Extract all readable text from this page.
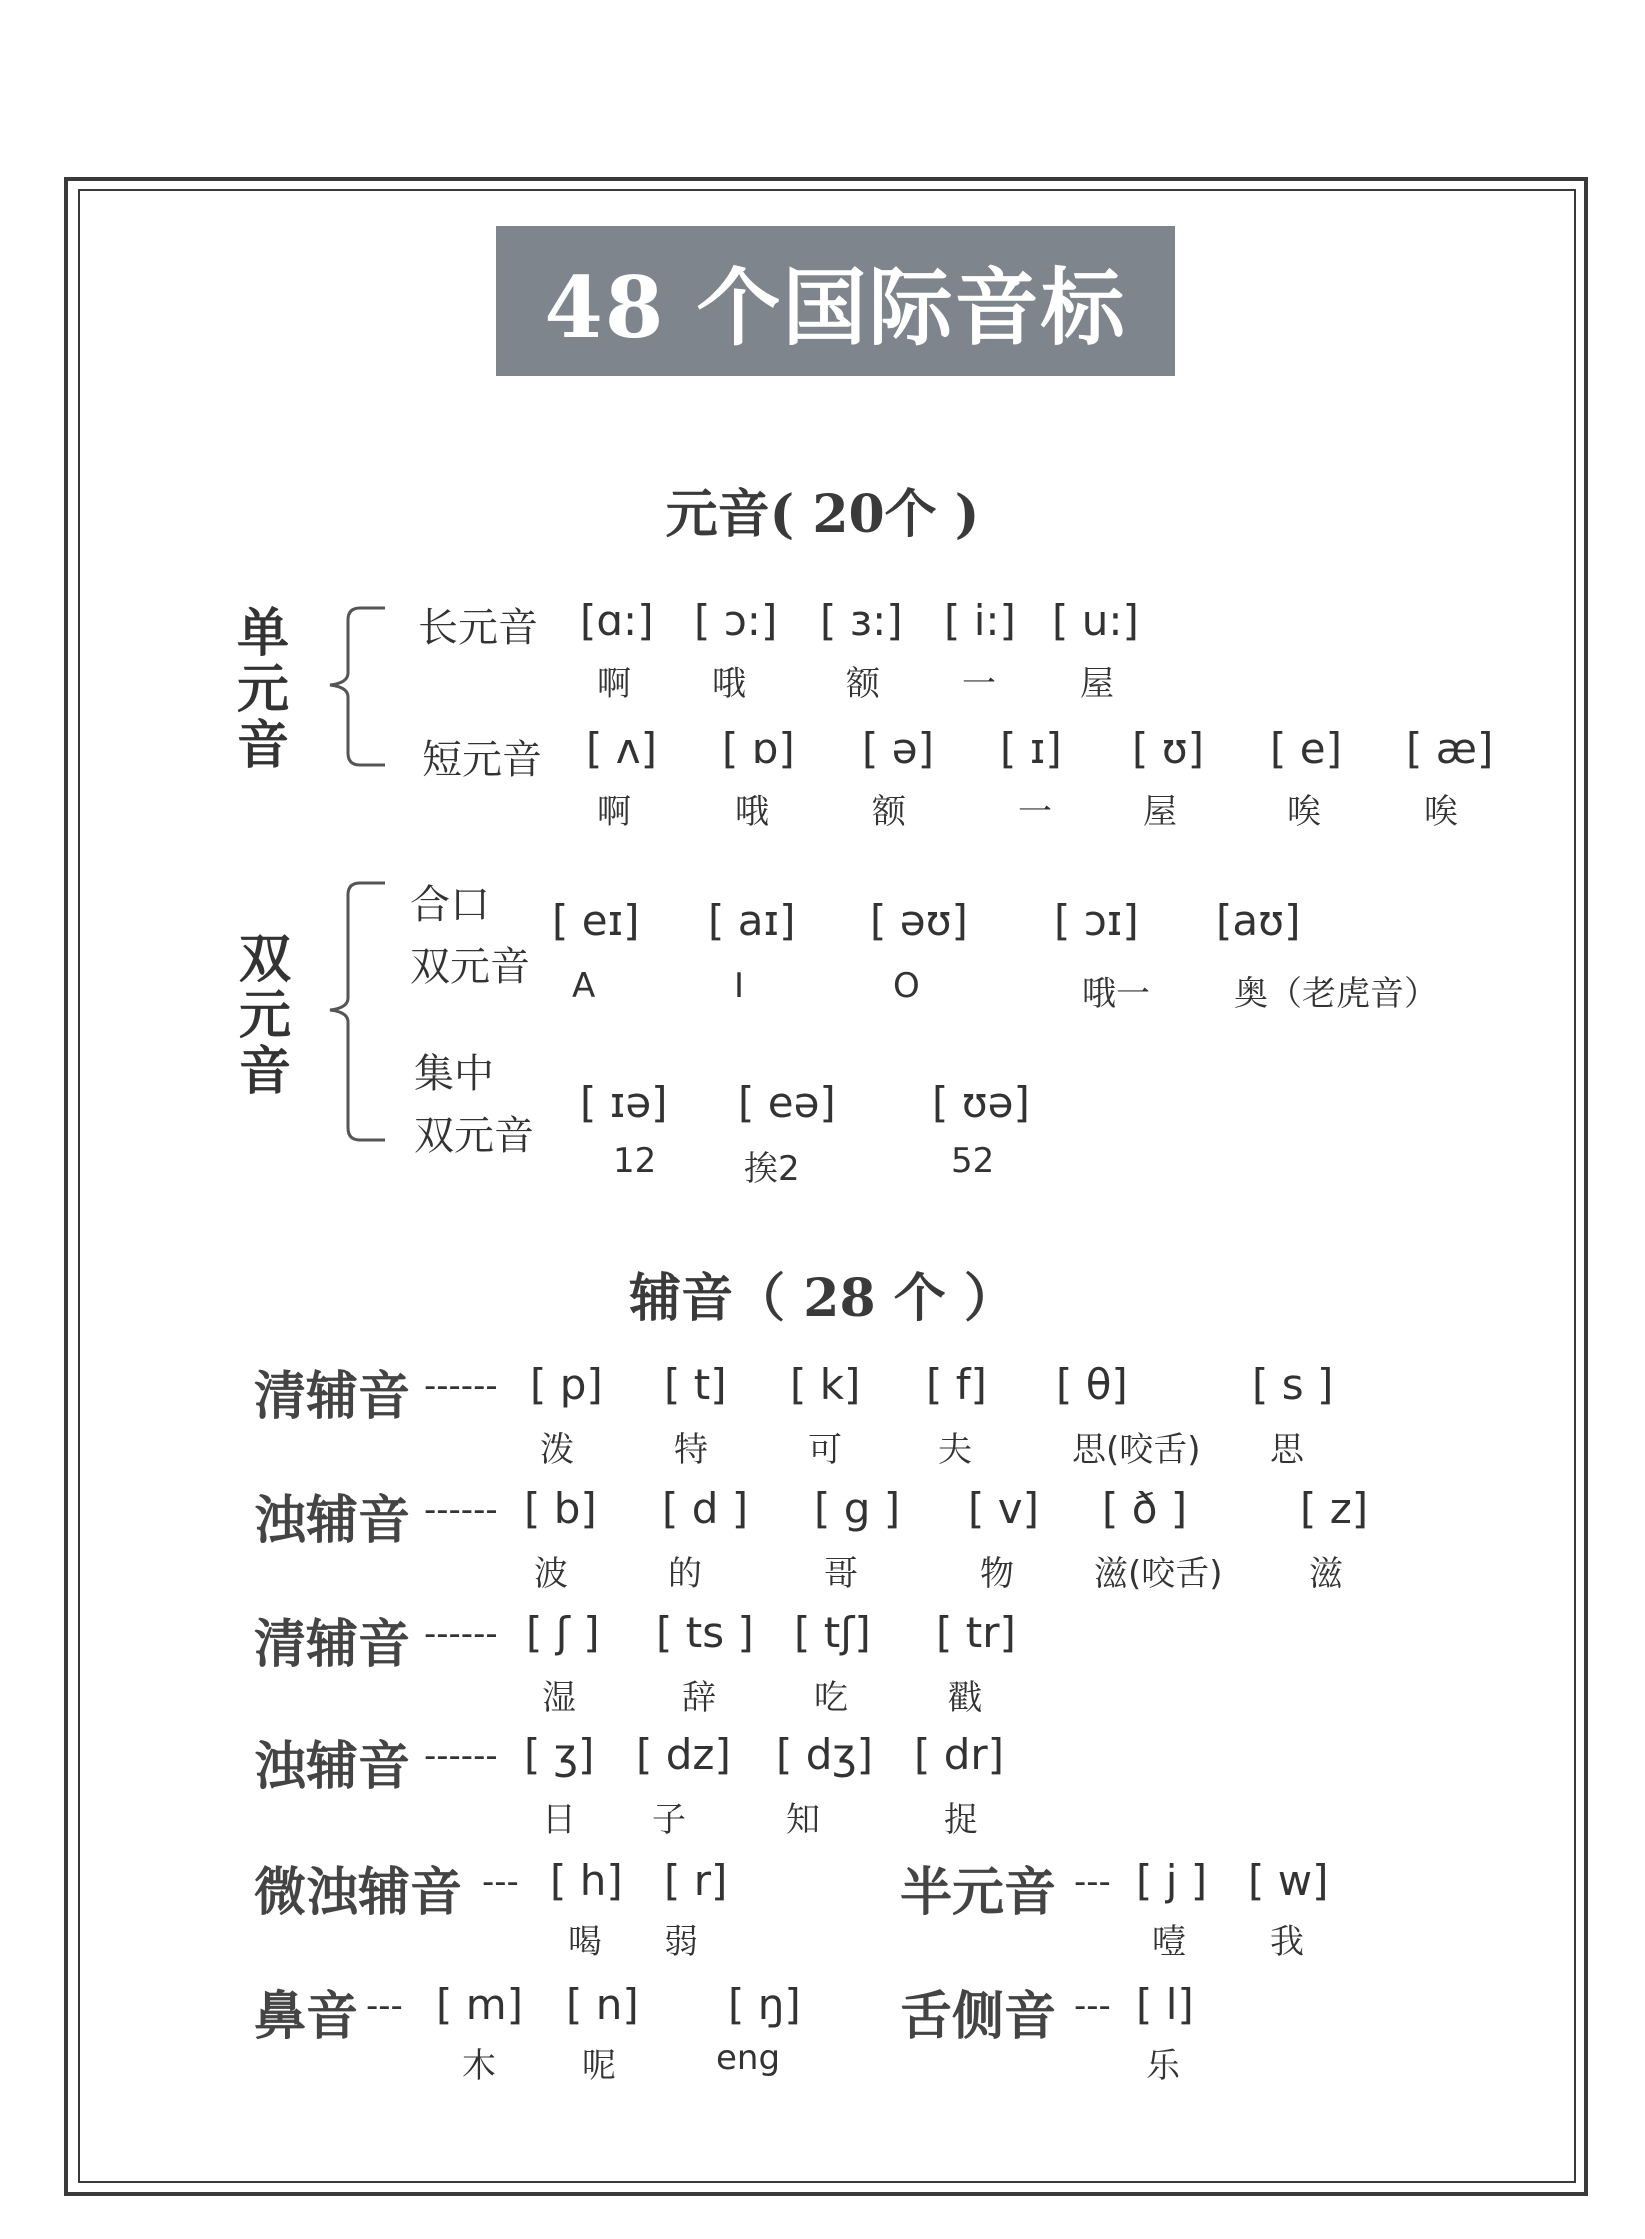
48 个国际音标
元音( 20个 )
单元音
长元音 [ɑ:]
啊
[ ɔ:]
哦
[ ɜ:]
额
[ i:]
一
[ u:]
屋
短元音 [ ʌ]
啊
[ ɒ]
哦
[ ə]
额
[ ɪ]
一
[ ʊ]
屋
[ e]
唉
[ æ]
唉
双元音
合口
双元音
[ eɪ]
A
[ aɪ]
I
[ əʊ]
O
[ ɔɪ]
哦一
[aʊ]
奥（老虎音）
集中
双元音
[ ɪə]
12
[ eə]
挨2
[ ʊə]
52
辅音（ 28 个 ）
清辅音 ------ [ p]
泼
[ t]
特
[ k]
可
[ f]
夫
[ θ]
思(咬舌)
[ s ]
思
浊辅音 ------ [ b]
波
[ d ]
的
[ g ]
哥
[ v]
物
[ ð ]
滋(咬舌)
[ z]
滋
清辅音 ------ [ ʃ ]
湿
[ ts ]
辞
[ tʃ]
吃
[ tr]
戳
浊辅音 ------ [ ʒ]
日
[ dz]
子
[ dʒ]
知
[ dr]
捉
微浊辅音 --- [ h]
喝
[ r]
弱
半元音 --- [ j ]
噎
[ w]
我
鼻音 --- [ m]
木
[ n]
呢
[ ŋ]
eng
舌侧音 --- [ l]
乐
